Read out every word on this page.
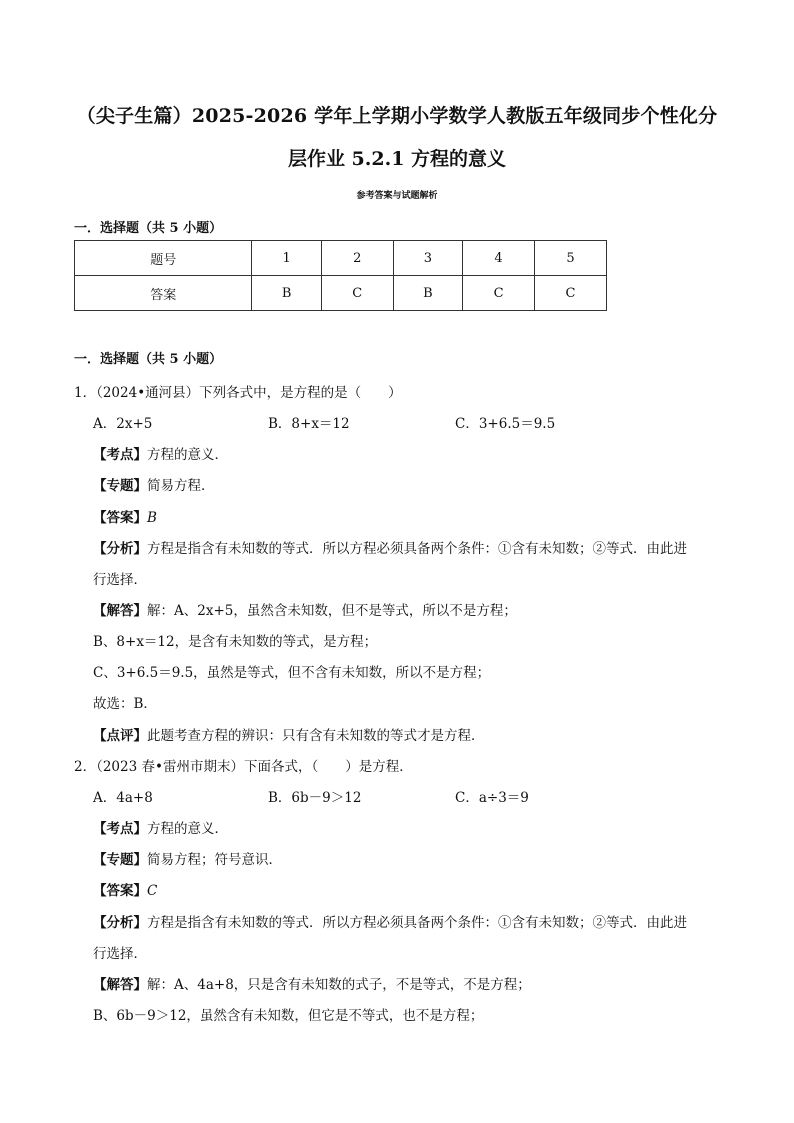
（尖子生篇）2025-2026 学年上学期小学数学人教版五年级同步个性化分
层作业 5.2.1 方程的意义
参考答案与试题解析
一．选择题（共 5 小题）
题号	1	2	3	4	5
答案	B	C	B	C	C
一．选择题（共 5 小题）
1．（2024•通河县）下列各式中，是方程的是（　　）
A．2x+5	B．8+x＝12	C．3+6.5＝9.5
【考点】方程的意义．
【专题】简易方程．
【答案】B
【分析】方程是指含有未知数的等式．所以方程必须具备两个条件：①含有未知数；②等式．由此进
行选择．
【解答】解：A、2x+5，虽然含未知数，但不是等式，所以不是方程；
B、8+x＝12，是含有未知数的等式，是方程；
C、3+6.5＝9.5，虽然是等式，但不含有未知数，所以不是方程；
故选：B．
【点评】此题考查方程的辨识：只有含有未知数的等式才是方程．
2．（2023 春•雷州市期末）下面各式，（　　）是方程．
A．4a+8	B．6b－9＞12	C．a÷3＝9
【考点】方程的意义．
【专题】简易方程；符号意识．
【答案】C
【分析】方程是指含有未知数的等式．所以方程必须具备两个条件：①含有未知数；②等式．由此进
行选择．
【解答】解：A、4a+8，只是含有未知数的式子，不是等式，不是方程；
B、6b－9＞12，虽然含有未知数，但它是不等式，也不是方程；
